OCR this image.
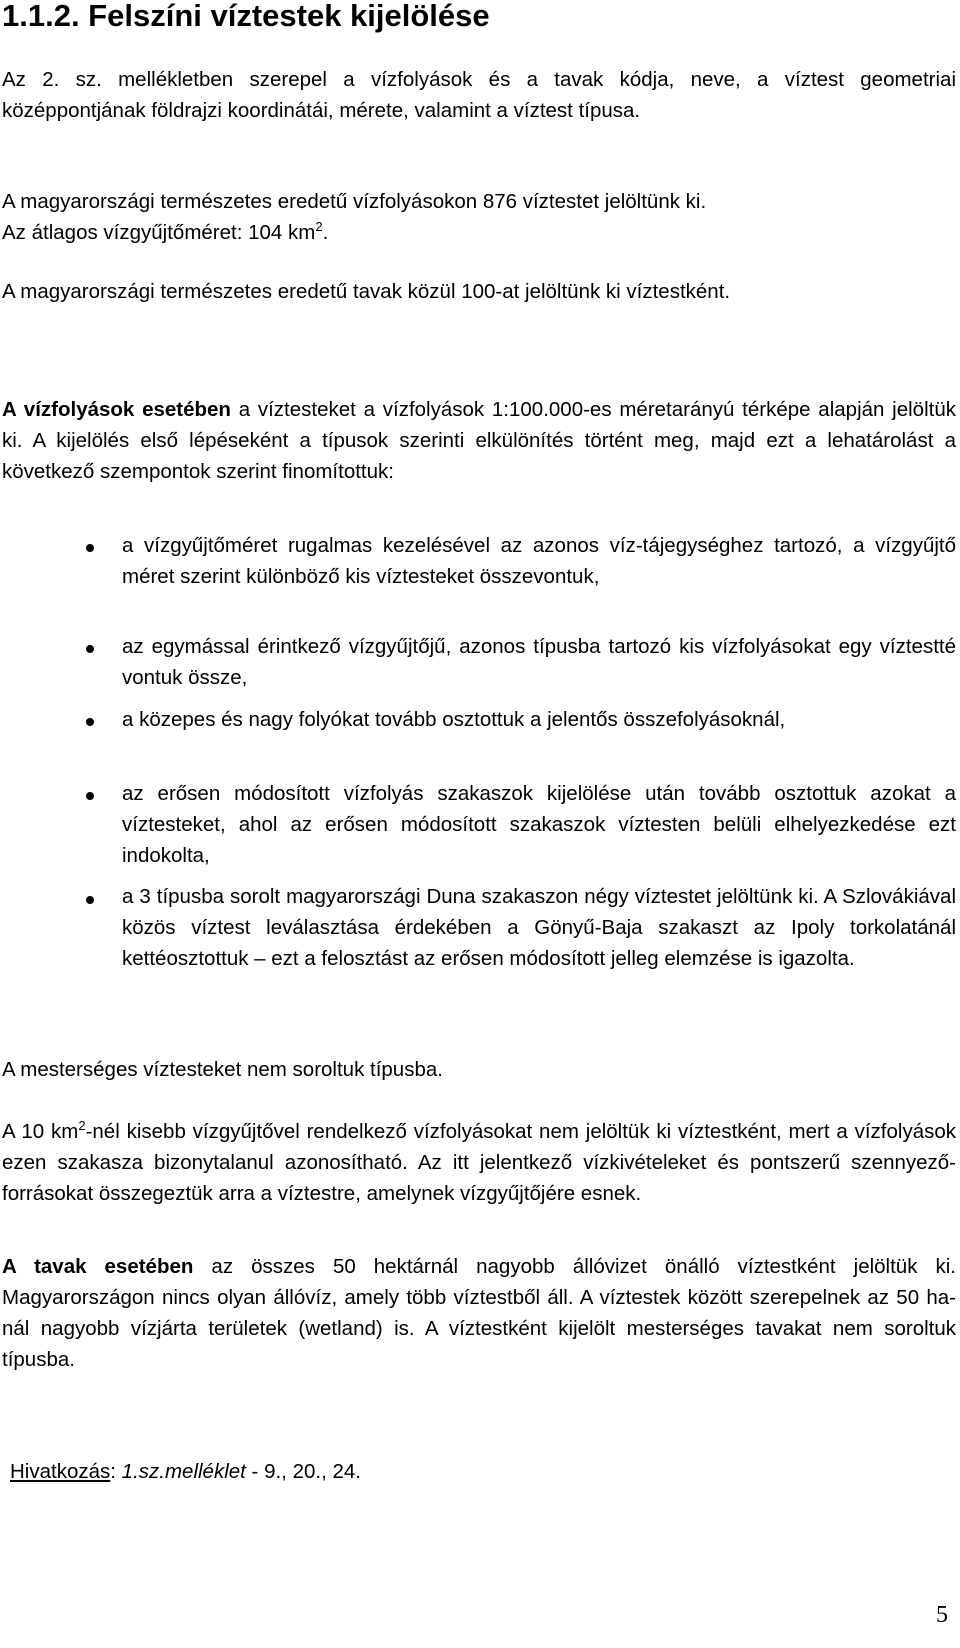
1.1.2. Felszíni víztestek kijelölése

Az 2. sz. mellékletben szerepel a vízfolyások és a tavak kódja, neve, a víztest geometriai középpontjának földrajzi koordinátái, mérete, valamint a víztest típusa.

A magyarországi természetes eredetű vízfolyásokon 876 víztestet jelöltünk ki.
Az átlagos vízgyűjtőméret: 104 $km^2$.

A magyarországi természetes eredetű tavak közül 100-at jelöltünk ki víztestként.

A vízfolyások esetében a víztesteket a vízfolyások 1:100.000-es méretarányú térképe alapján jelöltük ki. A kijelölés első lépéseként a típusok szerinti elkülönítés történt meg, majd ezt a lehatárolást a következő szempontok szerint finomítottuk:

a vízgyűjtőméret rugalmas kezelésével az azonos víz-tájegységhez tartozó, a vízgyűjtő méret szerint különböző kis víztesteket összevontuk,

az egymással érintkező vízgyűjtőjű, azonos típusba tartozó kis vízfolyásokat egy víztestté vontuk össze,

a közepes és nagy folyókat tovább osztottuk a jelentős összefolyásoknál,

az erősen módosított vízfolyás szakaszok kijelölése után tovább osztottuk azokat a víztesteket, ahol az erősen módosított szakaszok víztesten belüli elhelyezkedése ezt indokolta,

a 3 típusba sorolt magyarországi Duna szakaszon négy víztestet jelöltünk ki. A Szlovákiával közös víztest leválasztása érdekében a Gönyű-Baja szakaszt az Ipoly torkolatánál kettéosztottuk – ezt a felosztást az erősen módosított jelleg elemzése is igazolta.

A mesterséges víztesteket nem soroltuk típusba.

A 10 $km^2$-nél kisebb vízgyűjtővel rendelkező vízfolyásokat nem jelöltük ki víztestként, mert a vízfolyások ezen szakasza bizonytalanul azonosítható. Az itt jelentkező vízkivételeket és pontszerű szennyező-forrásokat összegeztük arra a víztestre, amelynek vízgyűjtőjére esnek.

A tavak esetében az összes 50 hektárnál nagyobb állóvizet önálló víztestként jelöltük ki. Magyarországon nincs olyan állóvíz, amely több víztestből áll. A víztestek között szerepelnek az 50 ha-nál nagyobb vízjárta területek (wetland) is. A víztestként kijelölt mesterséges tavakat nem soroltuk típusba.

Hivatkozás: 1.sz.melléklet - 9., 20., 24.
5
